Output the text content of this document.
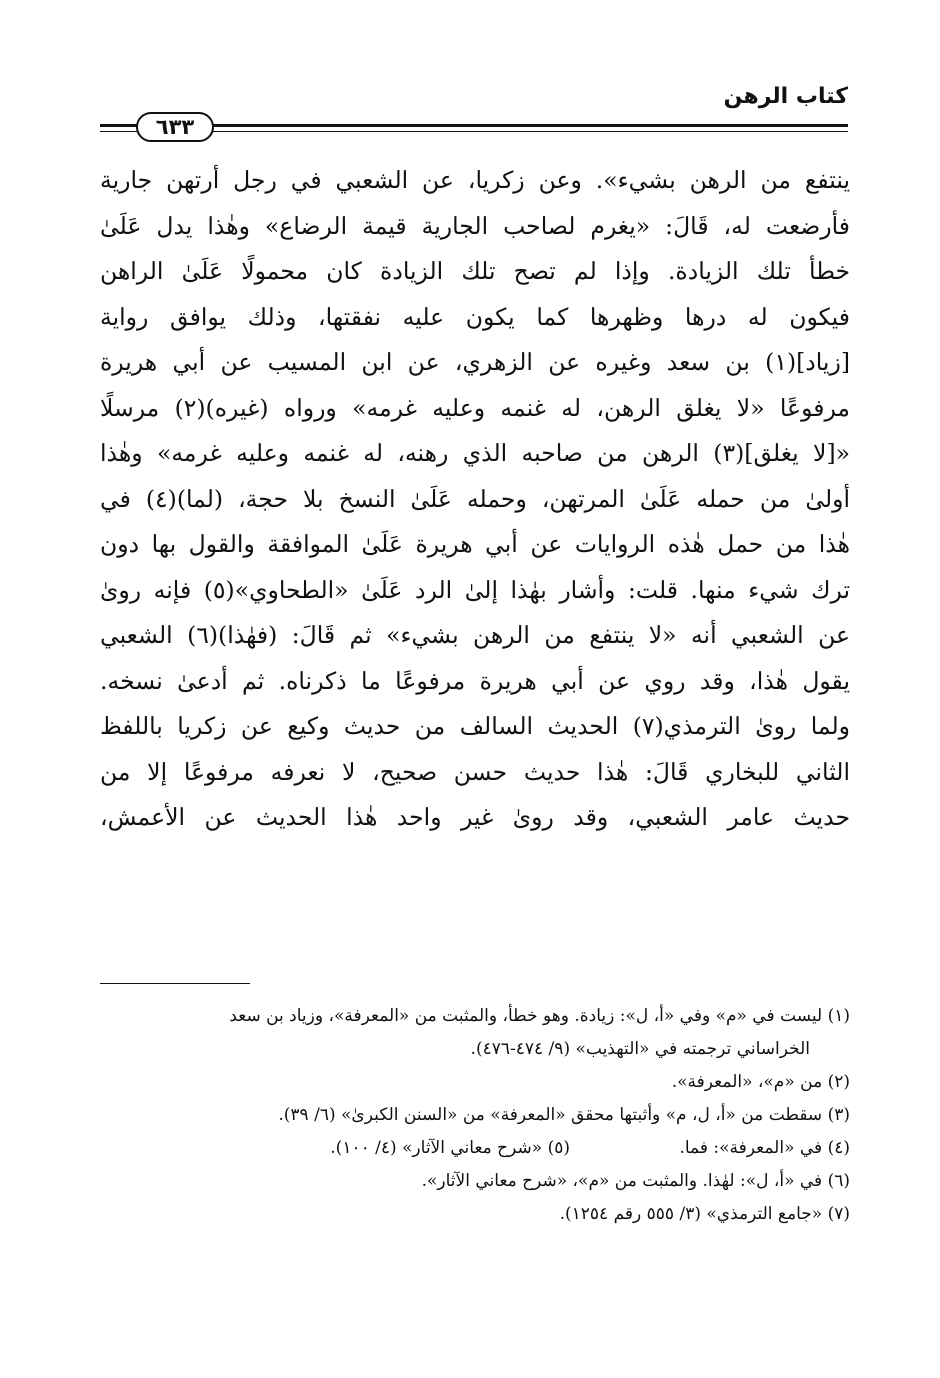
كتاب الرهن
٦٣٣
ينتفع من الرهن بشيء». وعن زكريا، عن الشعبي في رجل أرتهن جارية
فأرضعت له، قَالَ: «يغرم لصاحب الجارية قيمة الرضاع» وهٰذا يدل عَلَىٰ
خطأ تلك الزيادة. وإذا لم تصح تلك الزيادة كان محمولًا عَلَىٰ الراهن
فيكون له درها وظهرها كما يكون عليه نفقتها، وذلك يوافق رواية
[زياد](١) بن سعد وغيره عن الزهري، عن ابن المسيب عن أبي هريرة
مرفوعًا «لا يغلق الرهن، له غنمه وعليه غرمه» ورواه (غيره)(٢) مرسلًا
«[لا يغلق](٣) الرهن من صاحبه الذي رهنه، له غنمه وعليه غرمه» وهٰذا
أولىٰ من حمله عَلَىٰ المرتهن، وحمله عَلَىٰ النسخ بلا حجة، (لما)(٤) في
هٰذا من حمل هٰذه الروايات عن أبي هريرة عَلَىٰ الموافقة والقول بها دون
ترك شيء منها. قلت: وأشار بهٰذا إلىٰ الرد عَلَىٰ «الطحاوي»(٥) فإنه روىٰ
عن الشعبي أنه «لا ينتفع من الرهن بشيء» ثم قَالَ: (فهٰذا)(٦) الشعبي
يقول هٰذا، وقد روي عن أبي هريرة مرفوعًا ما ذكرناه. ثم أدعىٰ نسخه.
ولما روىٰ الترمذي(٧) الحديث السالف من حديث وكيع عن زكريا باللفظ
الثاني للبخاري قَالَ: هٰذا حديث حسن صحيح، لا نعرفه مرفوعًا إلا من
حديث عامر الشعبي، وقد روىٰ غير واحد هٰذا الحديث عن الأعمش،
(١) ليست في «م» وفي «أ، ل»: زيادة. وهو خطأ، والمثبت من «المعرفة»، وزياد بن سعد
الخراساني ترجمته في «التهذيب» (٩/ ٤٧٤-٤٧٦).
(٢) من «م»، «المعرفة».
(٣) سقطت من «أ، ل، م» وأثبتها محقق «المعرفة» من «السنن الكبرىٰ» (٦/ ٣٩).
(٤) في «المعرفة»: فما.
(٥) «شرح معاني الآثار» (٤/ ١٠٠).
(٦) في «أ، ل»: لهٰذا. والمثبت من «م»، «شرح معاني الآثار».
(٧) «جامع الترمذي» (٣/ ٥٥٥ رقم ١٢٥٤).
